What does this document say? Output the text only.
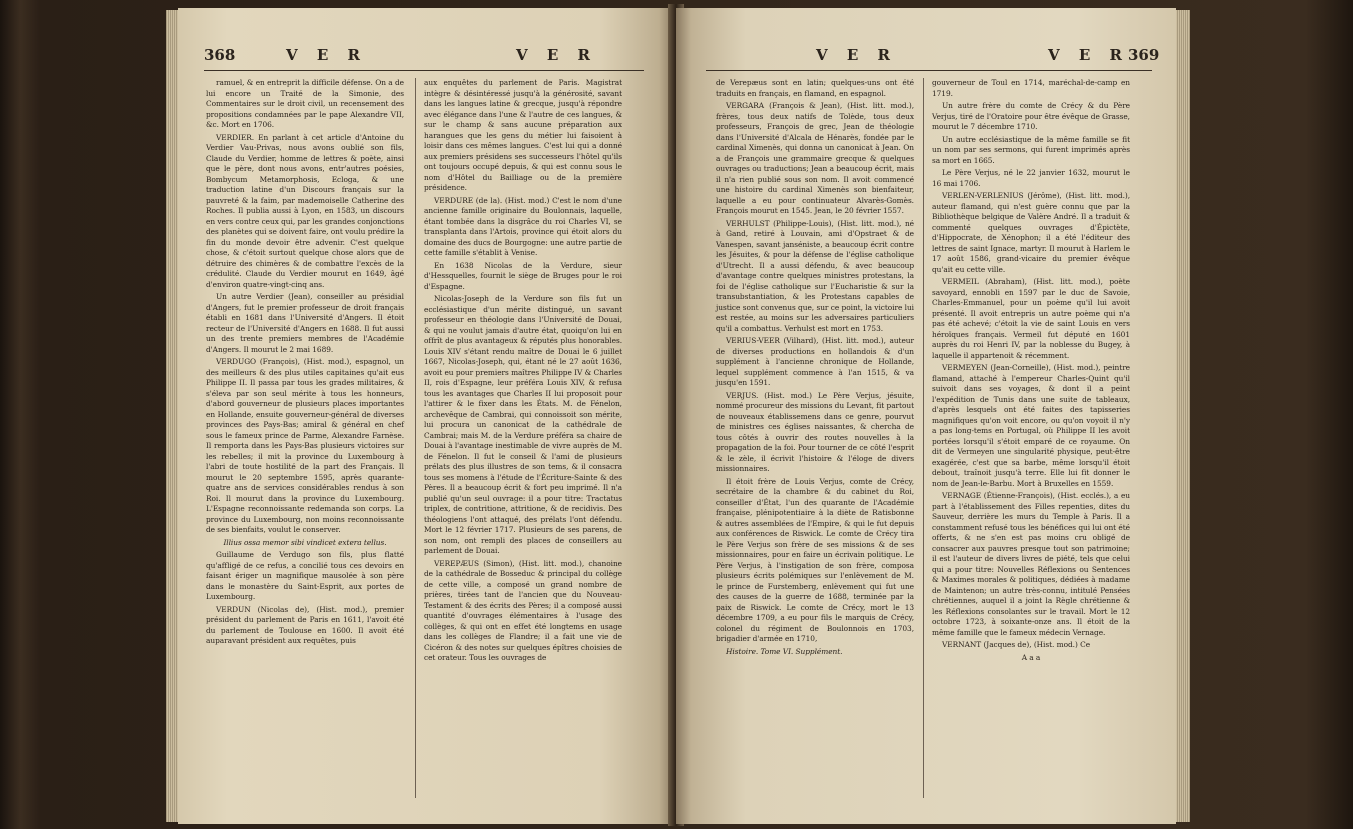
368	V E R	V E R

ramuel, & en entreprit la difficile défense. On a de lui encore un Traité de la Simonie, des Commentaires sur le droit civil, un recensement des propositions condamnées par le pape Alexandre VII, &c. Mort en 1706.

VERDIER. En parlant à cet article d'Antoine du Verdier Vau-Privas, nous avons oublié son fils, Claude du Verdier, homme de lettres & poète, ainsi que le père, dont nous avons, entr'autres poésies, Bombycum Metamorphosis, Ecloga, & une traduction latine d'un Discours français sur la pauvreté & la faim, par mademoiselle Catherine des Roches. Il publia aussi à Lyon, en 1583, un discours en vers contre ceux qui, par les grandes conjonctions des planètes qui se doivent faire, ont voulu prédire la fin du monde devoir être advenir. C'est quelque chose, & c'étoit surtout quelque chose alors que de détruire des chimères & de combattre l'excès de la crédulité. Claude du Verdier mourut en 1649, âgé d'environ quatre-vingt-cinq ans.

Un autre Verdier (Jean), conseiller au présidial d'Angers, fut le premier professeur de droit français établi en 1681 dans l'Université d'Angers. Il étoit recteur de l'Université d'Angers en 1688. Il fut aussi un des trente premiers membres de l'Académie d'Angers. Il mourut le 2 mai 1689.

VERDUGO (François), (Hist. mod.), espagnol, un des meilleurs & des plus utiles capitaines qu'ait eus Philippe II. Il passa par tous les grades militaires, & s'éleva par son seul mérite à tous les honneurs, d'abord gouverneur de plusieurs places importantes en Hollande, ensuite gouverneur-général de diverses provinces des Pays-Bas; amiral & général en chef sous le fameux prince de Parme, Alexandre Farnèse. Il remporta dans les Pays-Bas plusieurs victoires sur les rebelles; il mit la province du Luxembourg à l'abri de toute hostilité de la part des Français. Il mourut le 20 septembre 1595, après quarante-quatre ans de services considérables rendus à son Roi. Il mourut dans la province du Luxembourg. L'Espagne reconnoissante redemanda son corps. La province du Luxembourg, non moins reconnoissante de ses bienfaits, voulut le conserver.

Illius ossa memor sibi vindicet extera tellus.

Guillaume de Verdugo son fils, plus flatté qu'affligé de ce refus, a concilié tous ces devoirs en faisant ériger un magnifique mausolée à son père dans le monastère du Saint-Esprit, aux portes de Luxembourg.

VERDUN (Nicolas de), (Hist. mod.), premier président du parlement de Paris en 1611, l'avoit été du parlement de Toulouse en 1600. Il avoit été auparavant président aux requêtes, puis

aux enquêtes du parlement de Paris. Magistrat intègre & désintéressé jusqu'à la générosité, savant dans les langues latine & grecque, jusqu'à répondre avec élégance dans l'une & l'autre de ces langues, & sur le champ & sans aucune préparation aux harangues que les gens du métier lui faisoient à loisir dans ces mêmes langues. C'est lui qui a donné aux premiers présidens ses successeurs l'hôtel qu'ils ont toujours occupé depuis, & qui est connu sous le nom d'Hôtel du Bailliage ou de la première présidence.

VERDURE (de la). (Hist. mod.) C'est le nom d'une ancienne famille originaire du Boulonnais, laquelle, étant tombée dans la disgrâce du roi Charles VI, se transplanta dans l'Artois, province qui étoit alors du domaine des ducs de Bourgogne: une autre partie de cette famille s'établit à Venise.

En 1638 Nicolas de la Verdure, sieur d'Hessquelles, fournit le siège de Bruges pour le roi d'Espagne.

Nicolas-Joseph de la Verdure son fils fut un ecclésiastique d'un mérite distingué, un savant professeur en théologie dans l'Université de Douai, & qui ne voulut jamais d'autre état, quoiqu'on lui en offrît de plus avantageux & réputés plus honorables. Louis XIV s'étant rendu maître de Douai le 6 juillet 1667, Nicolas-Joseph, qui, étant né le 27 août 1636, avoit eu pour premiers maîtres Philippe IV & Charles II, rois d'Espagne, leur préféra Louis XIV, & refusa tous les avantages que Charles II lui proposoit pour l'attirer & le fixer dans les États. M. de Fénelon, archevêque de Cambrai, qui connoissoit son mérite, lui procura un canonicat de la cathédrale de Cambrai; mais M. de la Verdure préféra sa chaire de Douai à l'avantage inestimable de vivre auprès de M. de Fénelon. Il fut le conseil & l'ami de plusieurs prélats des plus illustres de son tems, & il consacra tous ses momens à l'étude de l'Écriture-Sainte & des Pères. Il a beaucoup écrit & fort peu imprimé. Il n'a publié qu'un seul ouvrage: il a pour titre: Tractatus triplex, de contritione, attritione, & de recidivis. Des théologiens l'ont attaqué, des prélats l'ont défendu. Mort le 12 février 1717. Plusieurs de ses parens, de son nom, ont rempli des places de conseillers au parlement de Douai.

VEREPÆUS (Simon), (Hist. litt. mod.), chanoine de la cathédrale de Bosseduc & principal du collège de cette ville, a composé un grand nombre de prières, tirées tant de l'ancien que du Nouveau-Testament & des écrits des Pères; il a composé aussi quantité d'ouvrages élémentaires à l'usage des collèges, & qui ont en effet été longtems en usage dans les collèges de Flandre; il a fait une vie de Cicéron & des notes sur quelques épîtres choisies de cet orateur. Tous les ouvrages de

V E R	V E R 369

de Verepæus sont en latin; quelques-uns ont été traduits en français, en flamand, en espagnol.

VERGARA (François & Jean), (Hist. litt. mod.), frères, tous deux natifs de Tolède, tous deux professeurs, François de grec, Jean de théologie dans l'Université d'Alcala de Hénarès, fondée par le cardinal Ximenès, qui donna un canonicat à Jean. On a de François une grammaire grecque & quelques ouvrages ou traductions; Jean a beaucoup écrit, mais il n'a rien publié sous son nom. Il avoit commencé une histoire du cardinal Ximenès son bienfaiteur, laquelle a eu pour continuateur Alvarès-Gomès. François mourut en 1545. Jean, le 20 février 1557.

VERHULST (Philippe-Louis), (Hist. litt. mod.), né à Gand, retiré à Louvain, ami d'Opstraet & de Vanespen, savant janséniste, a beaucoup écrit contre les Jésuites, & pour la défense de l'église catholique d'Utrecht. Il a aussi défendu, & avec beaucoup d'avantage contre quelques ministres protestans, la foi de l'église catholique sur l'Eucharistie & sur la transubstantiation, & les Protestans capables de justice sont convenus que, sur ce point, la victoire lui est restée, au moins sur les adversaires particuliers qu'il a combattus. Verhulst est mort en 1753.

VERIUS-VEER (Vilhard), (Hist. litt. mod.), auteur de diverses productions en hollandois & d'un supplément à l'ancienne chronique de Hollande, lequel supplément commence à l'an 1515, & va jusqu'en 1591.

VERJUS. (Hist. mod.) Le Père Verjus, jésuite, nommé procureur des missions du Levant, fit partout de nouveaux établissemens dans ce genre, pourvut de ministres ces églises naissantes, & chercha de tous côtés à ouvrir des routes nouvelles à la propagation de la foi. Pour tourner de ce côté l'esprit & le zèle, il écrivit l'histoire & l'éloge de divers missionnaires.

Il étoit frère de Louis Verjus, comte de Crécy, secrétaire de la chambre & du cabinet du Roi, conseiller d'État, l'un des quarante de l'Académie française, plénipotentiaire à la diète de Ratisbonne & autres assemblées de l'Empire, & qui le fut depuis aux conférences de Riswick. Le comte de Crécy tira le Père Verjus son frère de ses missions & de ses missionnaires, pour en faire un écrivain politique. Le Père Verjus, à l'instigation de son frère, composa plusieurs écrits polémiques sur l'enlèvement de M. le prince de Furstemberg, enlèvement qui fut une des causes de la guerre de 1688, terminée par la paix de Riswick. Le comte de Crécy, mort le 13 décembre 1709, a eu pour fils le marquis de Crécy, colonel du régiment de Boulonnois en 1703, brigadier d'armée en 1710,

Histoire. Tome VI. Supplément.

gouverneur de Toul en 1714, maréchal-de-camp en 1719.

Un autre frère du comte de Crécy & du Père Verjus, tiré de l'Oratoire pour être évêque de Grasse, mourut le 7 décembre 1710.

Un autre ecclésiastique de la même famille se fit un nom par ses sermons, qui furent imprimés après sa mort en 1665.

Le Père Verjus, né le 22 janvier 1632, mourut le 16 mai 1706.

VERLEN-VERLENIUS (Jérôme), (Hist. litt. mod.), auteur flamand, qui n'est guère connu que par la Bibliothèque belgique de Valère André. Il a traduit & commenté quelques ouvrages d'Épictète, d'Hippocrate, de Xénophon; il a été l'éditeur des lettres de saint Ignace, martyr. Il mourut à Harlem le 17 août 1586, grand-vicaire du premier évêque qu'ait eu cette ville.

VERMEIL (Abraham), (Hist. litt. mod.), poète savoyard, ennobli en 1597 par le duc de Savoie, Charles-Emmanuel, pour un poème qu'il lui avoit présenté. Il avoit entrepris un autre poème qui n'a pas été achevé; c'étoit la vie de saint Louis en vers héroïques français. Vermeil fut député en 1601 auprès du roi Henri IV, par la noblesse du Bugey, à laquelle il appartenoit & récemment.

VERMEYEN (Jean-Corneille), (Hist. mod.), peintre flamand, attaché à l'empereur Charles-Quint qu'il suivoit dans ses voyages, & dont il a peint l'expédition de Tunis dans une suite de tableaux, d'après lesquels ont été faites des tapisseries magnifiques qu'on voit encore, ou qu'on voyoit il n'y a pas long-tems en Portugal, où Philippe II les avoit portées lorsqu'il s'étoit emparé de ce royaume. On dit de Vermeyen une singularité physique, peut-être exagérée, c'est que sa barbe, même lorsqu'il étoit debout, traînoit jusqu'à terre. Elle lui fit donner le nom de Jean-le-Barbu. Mort à Bruxelles en 1559.

VERNAGE (Étienne-François), (Hist. ecclés.), a eu part à l'établissement des Filles repenties, dites du Sauveur, derrière les murs du Temple à Paris. Il a constamment refusé tous les bénéfices qui lui ont été offerts, & ne s'en est pas moins cru obligé de consacrer aux pauvres presque tout son patrimoine; il est l'auteur de divers livres de piété, tels que celui qui a pour titre: Nouvelles Réflexions ou Sentences & Maximes morales & politiques, dédiées à madame de Maintenon; un autre très-connu, intitulé Pensées chrétiennes, auquel il a joint la Règle chrétienne & les Réflexions consolantes sur le travail. Mort le 12 octobre 1723, à soixante-onze ans. Il étoit de la même famille que le fameux médecin Vernage.

VERNANT (Jacques de), (Hist. mod.) Ce

A a a
